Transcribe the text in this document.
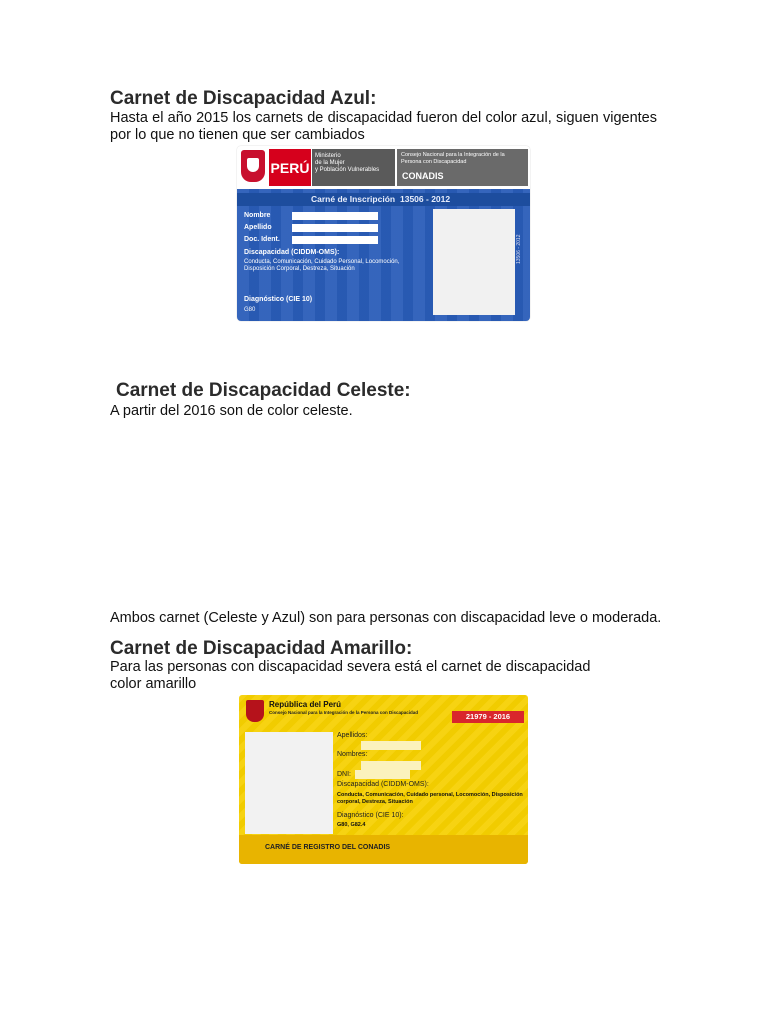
Carnet de Discapacidad Azul:

Hasta el año 2015 los carnets de discapacidad fueron del color azul, siguen vigentes por lo que no tienen que ser cambiados

PERÚ
Ministerio
de la Mujer
y Población Vulnerables
Consejo Nacional para la Integración de la Persona con Discapacidad
CONADIS
Carné de Inscripción 13506 - 2012
Nombre
Apellido
Doc. Ident.
Discapacidad (CIDDM-OMS):
Conducta, Comunicación, Cuidado Personal, Locomoción, Disposición Corporal, Destreza, Situación
Diagnóstico (CIE 10)
G80
13506 - 2012
Carnet de Discapacidad Celeste:

A partir del 2016 son de color celeste.

Ambos carnet (Celeste y Azul) son para personas con discapacidad leve o moderada.

Carnet de Discapacidad Amarillo:

Para las personas con discapacidad severa está el carnet de discapacidad
color amarillo

República del Perú
Consejo Nacional para la Integración de la Persona con Discapacidad	21979 - 2016
Apellidos:
Nombres:
DNI:
Discapacidad (CIDDM-OMS):
Conducta, Comunicación, Cuidado personal, Locomoción, Disposición corporal, Destreza, Situación
Diagnóstico (CIE 10):
G80, G82.4
CARNÉ DE REGISTRO DEL CONADIS
